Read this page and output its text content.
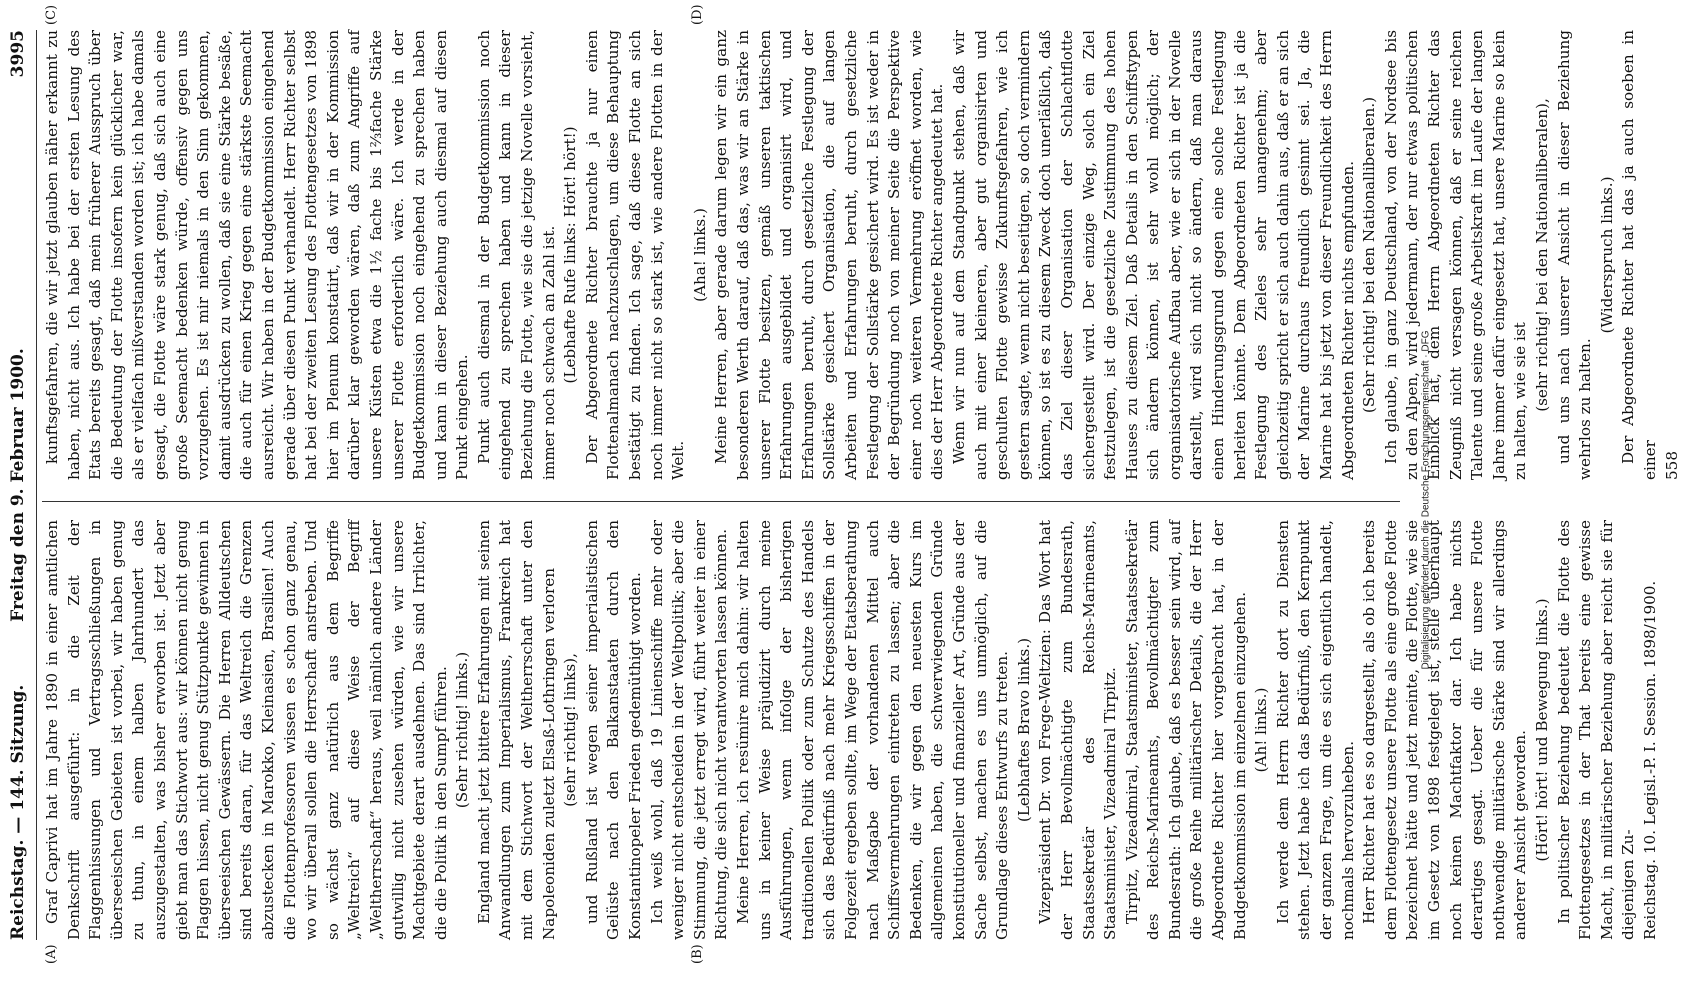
Reichstag. — 144. Sitzung.
Freitag den 9. Februar 1900.
3995
(A)	(B)
(C)	(D)

Graf Caprivi hat im Jahre 1890 in einer amtlichen Denkschrift ausgeführt: in die Zeit der Flaggenhissungen und Vertragsschließungen in überseeischen Gebieten ist vorbei, wir haben genug zu thun, in einem halben Jahrhundert das auszugestalten, was bisher erworben ist. Jetzt aber giebt man das Stichwort aus: wir können nicht genug Flaggen hissen, nicht genug Stützpunkte gewinnen in überseeischen Gewässern. Die Herren Alldeutschen sind bereits daran, für das Weltreich die Grenzen abzustecken in Marokko, Kleinasien, Brasilien! Auch die Flottenprofessoren wissen es schon ganz genau, wo wir überall sollen die Herrschaft anstreben. Und so wächst ganz natürlich aus dem Begriffe „Weltreich“ auf diese Weise der Begriff „Weltherrschaft“ heraus, weil nämlich andere Länder gutwillig nicht zusehen würden, wie wir unsere Machtgebiete derart ausdehnen. Das sind Irrlichter, die die Politik in den Sumpf führen. (Sehr richtig! links.) England macht jetzt bittere Erfahrungen mit seinen Anwandlungen zum Imperialismus, Frankreich hat mit dem Stichwort der Weltherrschaft unter den Napoleoniden zuletzt Elsaß-Lothringen verloren (sehr richtig! links), und Rußland ist wegen seiner imperialistischen Gelüste nach den Balkanstaaten durch den Konstantinopeler Frieden gedemüthigt worden. Ich weiß wohl, daß 19 Linienschiffe mehr oder weniger nicht entscheiden in der Weltpolitik; aber die Stimmung, die jetzt erregt wird, führt weiter in einer Richtung, die sich nicht verantworten lassen können. Meine Herren, ich resümire mich dahin: wir halten uns in keiner Weise präjudizirt durch meine Ausführungen, wenn infolge der bisherigen traditionellen Politik oder zum Schutze des Handels sich das Bedürfniß nach mehr Kriegsschiffen in der Folgezeit ergeben sollte, im Wege der Etatsberathung nach Maßgabe der vorhandenen Mittel auch Schiffsvermehrungen eintreten zu lassen; aber die Bedenken, die wir gegen den neuesten Kurs im allgemeinen haben, die schwerwiegenden Gründe konstitutioneller und finanzieller Art, Gründe aus der Sache selbst, machen es uns unmöglich, auf die Grundlage dieses Entwurfs zu treten. (Lebhaftes Bravo links.) Vizepräsident Dr. von Frege-Weltzien: Das Wort hat der Herr Bevollmächtigte zum Bundesrath, Staatssekretär des Reichs-Marineamts, Staatsminister, Vizeadmiral Tirpitz. Tirpitz, Vizeadmiral, Staatsminister, Staatssekretär des Reichs-Marineamts, Bevollmächtigter zum Bundesrath: Ich glaube, daß es besser sein wird, auf die große Reihe militärischer Details, die der Herr Abgeordnete Richter hier vorgebracht hat, in der Budgetkommission im einzelnen einzugehen. (Ah! links.) Ich werde dem Herrn Richter dort zu Diensten stehen. Jetzt habe ich das Bedürfniß, den Kernpunkt der ganzen Frage, um die es sich eigentlich handelt, nochmals hervorzuheben. Herr Richter hat es so dargestellt, als ob ich bereits dem Flottengesetz unsere Flotte als eine große Flotte bezeichnet hätte und jetzt meinte, die Flotte, wie sie im Gesetz von 1898 festgelegt ist, stelle überhaupt noch keinen Machtfaktor dar. Ich habe nichts derartiges gesagt. Ueber die für unsere Flotte nothwendige militärische Stärke sind wir allerdings anderer Ansicht geworden. (Hört! hört! und Bewegung links.) In politischer Beziehung bedeutet die Flotte des Flottengesetzes in der That bereits eine gewisse Macht, in militärischer Beziehung aber reicht sie für diejenigen Zu- Reichstag. 10. Legisl.-P. I. Session. 1898/1900.

kunftsgefahren, die wir jetzt glauben näher erkannt zu haben, nicht aus. Ich habe bei der ersten Lesung des Etats bereits gesagt, daß mein früherer Ausspruch über die Bedeutung der Flotte insofern kein glücklicher war, als er vielfach mißverstanden worden ist; ich habe damals gesagt, die Flotte wäre stark genug, daß sich auch eine große Seemacht bedenken würde, offensiv gegen uns vorzugehen. Es ist mir niemals in den Sinn gekommen, damit ausdrücken zu wollen, daß sie eine Stärke besäße, die auch für einen Krieg gegen eine stärkste Seemacht ausreicht. Wir haben in der Budgetkommission eingehend gerade über diesen Punkt verhandelt. Herr Richter selbst hat bei der zweiten Lesung des Flottengesetzes von 1898 hier im Plenum konstatirt, daß wir in der Kommission darüber klar geworden wären, daß zum Angriffe auf unsere Küsten etwa die 1½ fache bis 1⅔fache Stärke unserer Flotte erforderlich wäre. Ich werde in der Budgetkommission noch eingehend zu sprechen haben und kann in dieser Beziehung auch diesmal auf diesen Punkt eingehen. Punkt auch diesmal in der Budgetkommission noch eingehend zu sprechen haben und kann in dieser Beziehung die Flotte, wie sie die jetzige Novelle vorsieht, immer noch schwach an Zahl ist. (Lebhafte Rufe links: Hört! hört!) Der Abgeordnete Richter brauchte ja nur einen Flottenalmanach nachzuschlagen, um diese Behauptung bestätigt zu finden. Ich sage, daß diese Flotte an sich noch immer nicht so stark ist, wie andere Flotten in der Welt.

(Aha! links.) Meine Herren, aber gerade darum legen wir ein ganz besonderen Werth darauf, daß das, was wir an Stärke in unserer Flotte besitzen, gemäß unseren taktischen Erfahrungen ausgebildet und organisirt wird, und Erfahrungen beruht, durch gesetzliche Festlegung der Sollstärke gesichert Organisation, die auf langen Arbeiten und Erfahrungen beruht, durch gesetzliche Festlegung der Sollstärke gesichert wird. Es ist weder in der Begründung noch von meiner Seite die Perspektive einer noch weiteren Vermehrung eröffnet worden, wie dies der Herr Abgeordnete Richter angedeutet hat. Wenn wir nun auf dem Standpunkt stehen, daß wir auch mit einer kleineren, aber gut organisirten und geschulten Flotte gewisse Zukunftsgefahren, wie ich gestern sagte, wenn nicht beseitigen, so doch vermindern können, so ist es zu diesem Zweck doch unerläßlich, daß das Ziel dieser Organisation der Schlachtflotte sichergestellt wird. Der einzige Weg, solch ein Ziel festzulegen, ist die gesetzliche Zustimmung des hohen Hauses zu diesem Ziel. Daß Details in den Schiffstypen sich ändern können, ist sehr wohl möglich; der organisatorische Aufbau aber, wie er sich in der Novelle darstellt, wird sich nicht so ändern, daß man daraus einen Hinderungsgrund gegen eine solche Festlegung herleiten könnte. Dem Abgeordneten Richter ist ja die Festlegung des Zieles sehr unangenehm; aber gleichzeitig spricht er sich auch dahin aus, daß er an sich der Marine durchaus freundlich gesinnt sei. Ja, die Marine hat bis jetzt von dieser Freundlichkeit des Herrn Abgeordneten Richter nichts empfunden. (Sehr richtig! bei den Nationalliberalen.) Ich glaube, in ganz Deutschland, von der Nordsee bis zu den Alpen, wird jedermann, der nur etwas politischen Einblick hat, dem Herrn Abgeordneten Richter das Zeugniß nicht versagen können, daß er seine reichen Talente und seine große Arbeitskraft im Laufe der langen Jahre immer dafür eingesetzt hat, unsere Marine so klein zu halten, wie sie ist (sehr richtig! bei den Nationalliberalen), und uns nach unserer Ansicht in dieser Beziehung wehrlos zu halten.

(Widerspruch links.) Der Abgeordnete Richter hat das ja auch soeben in einer 558

Digitalisierung gefördert durch die Deutsche Forschungsgemeinschaft · DFG
